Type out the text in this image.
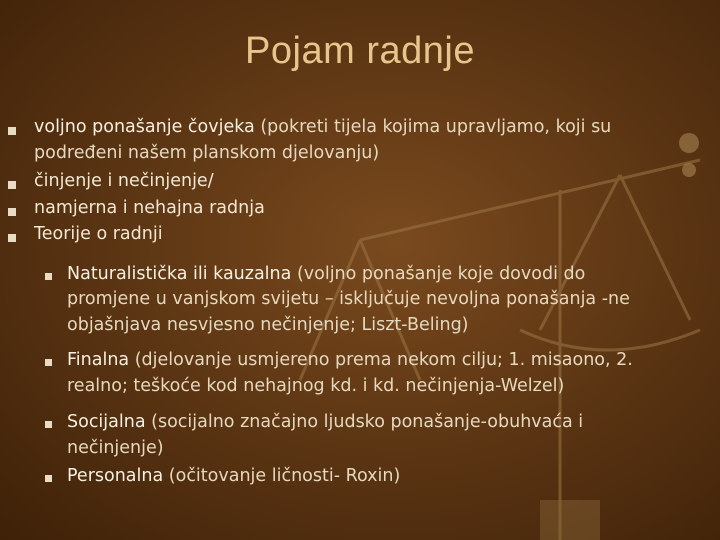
Pojam radnje
voljno ponašanje čovjeka (pokreti tijela kojima upravljamo, koji su
podređeni našem planskom djelovanju)
činjenje i nečinjenje/
namjerna i nehajna radnja
Teorije o radnji
Naturalistička ili kauzalna (voljno ponašanje koje dovodi do
promjene u vanjskom svijetu – isključuje nevoljna ponašanja -ne
objašnjava nesvjesno nečinjenje; Liszt-Beling)
Finalna (djelovanje usmjereno prema nekom cilju; 1. misaono, 2.
realno; teškoće kod nehajnog kd. i kd. nečinjenja-Welzel)
Socijalna (socijalno značajno ljudsko ponašanje-obuhvaća i
nečinjenje)
Personalna (očitovanje ličnosti- Roxin)
